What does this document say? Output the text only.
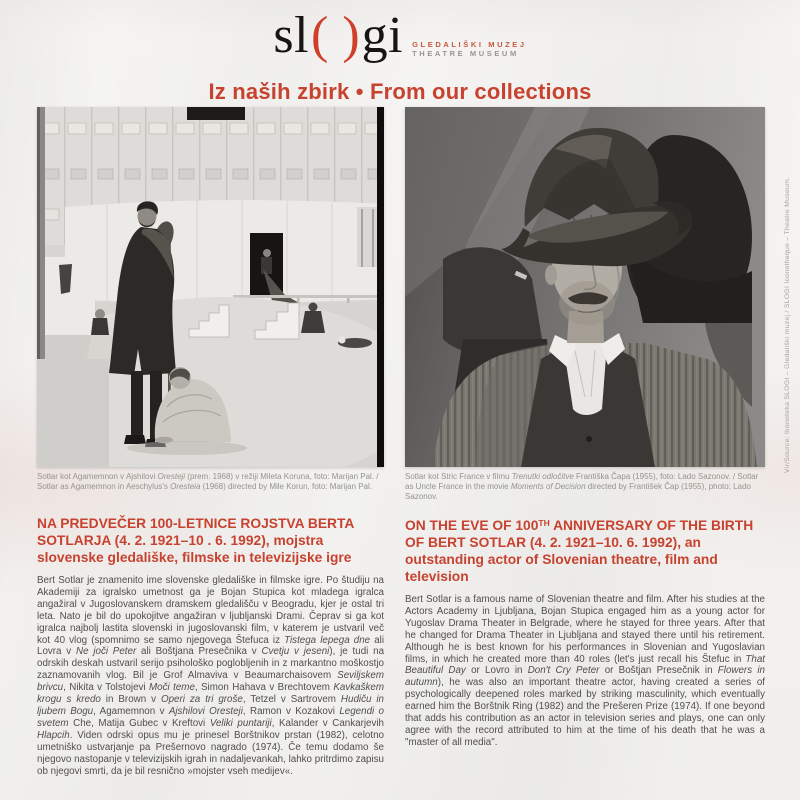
sl ( ) gi GLEDALIŠKI MUZEJ
THEATRE MUSEUM
Iz naših zbirk • From our collections
Vir/Source: Ikonoteka SLOGI – Gledališki muzej / SLOGI Iconotheque – Theatre Museum.

Sotlar kot Agamemnon v Ajshilovi Oresteji (prem. 1968) v režiji Mileta Koruna, foto: Marijan Pal. / Sotlar as Agamemnon in Aeschylus's Oresteia (1968) directed by Mile Korun, foto: Marijan Pal.

Sotlar kot Stric France v filmu Trenutki odločitve Františka Čapa (1955), foto: Lado Sazonov. / Sotlar as Uncle France in the movie Moments of Decision directed by František Čap (1955), photo: Lado Sazonov.

NA PREDVEČER 100-LETNICE ROJSTVA BERTA SOTLARJA (4. 2. 1921–10 . 6. 1992), mojstra slovenske gledališke, filmske in televizijske igre

Bert Sotlar je znamenito ime slovenske gledališke in filmske igre. Po študiju na Akademiji za igralsko umetnost ga je Bojan Stupica kot mladega igralca angažiral v Jugoslovanskem dramskem gledališču v Beogradu, kjer je ostal tri leta. Nato je bil do upokojitve angažiran v ljubljanski Drami. Čeprav si ga kot igralca najbolj lastita slovenski in jugoslovanski film, v katerem je ustvaril več kot 40 vlog (spomnimo se samo njegovega Štefuca iz Tistega lepega dne ali Lovra v Ne joči Peter ali Boštjana Presečnika v Cvetju v jeseni), je tudi na odrskih deskah ustvaril serijo psihološko poglobljenih in z markantno moškostjo zaznamovanih vlog. Bil je Grof Almaviva v Beaumarchaisovem Seviljskem brivcu, Nikita v Tolstojevi Moči teme, Simon Hahava v Brechtovem Kavkaškem krogu s kredo in Brown v Operi za tri groše, Tetzel v Sartrovem Hudiču in ljubem Bogu, Agamemnon v Ajshilovi Oresteji, Ramon v Kozakovi Legendi o svetem Che, Matija Gubec v Kreftovi Veliki puntariji, Kalander v Cankarjevih Hlapcih. Viden odrski opus mu je prinesel Borštnikov prstan (1982), celotno umetniško ustvarjanje pa Prešernovo nagrado (1974). Če temu dodamo še njegovo nastopanje v televizijskih igrah in nadaljevankah, lahko pritrdimo zapisu ob njegovi smrti, da je bil resnično »mojster vseh medijev«.

ON THE EVE OF 100TH ANNIVERSARY OF THE BIRTH OF BERT SOTLAR (4. 2. 1921–10. 6. 1992), an outstanding actor of Slovenian theatre, film and television

Bert Sotlar is a famous name of Slovenian theatre and film. After his studies at the Actors Academy in Ljubljana, Bojan Stupica engaged him as a young actor for Yugoslav Drama Theater in Belgrade, where he stayed for three years. After that he changed for Drama Theater in Ljubljana and stayed there until his retirement. Although he is best known for his performances in Slovenian and Yugoslavian films, in which he created more than 40 roles (let's just recall his Štefuc in That Beautiful Day or Lovro in Don't Cry Peter or Boštjan Presečnik in Flowers in autumn), he was also an important theatre actor, having created a series of psychologically deepened roles marked by striking masculinity, which eventually earned him the Borštnik Ring (1982) and the Prešeren Prize (1974). If one beyond that adds his contribution as an actor in television series and plays, one can only agree with the record attributed to him at the time of his death that he was a "master of all media".
